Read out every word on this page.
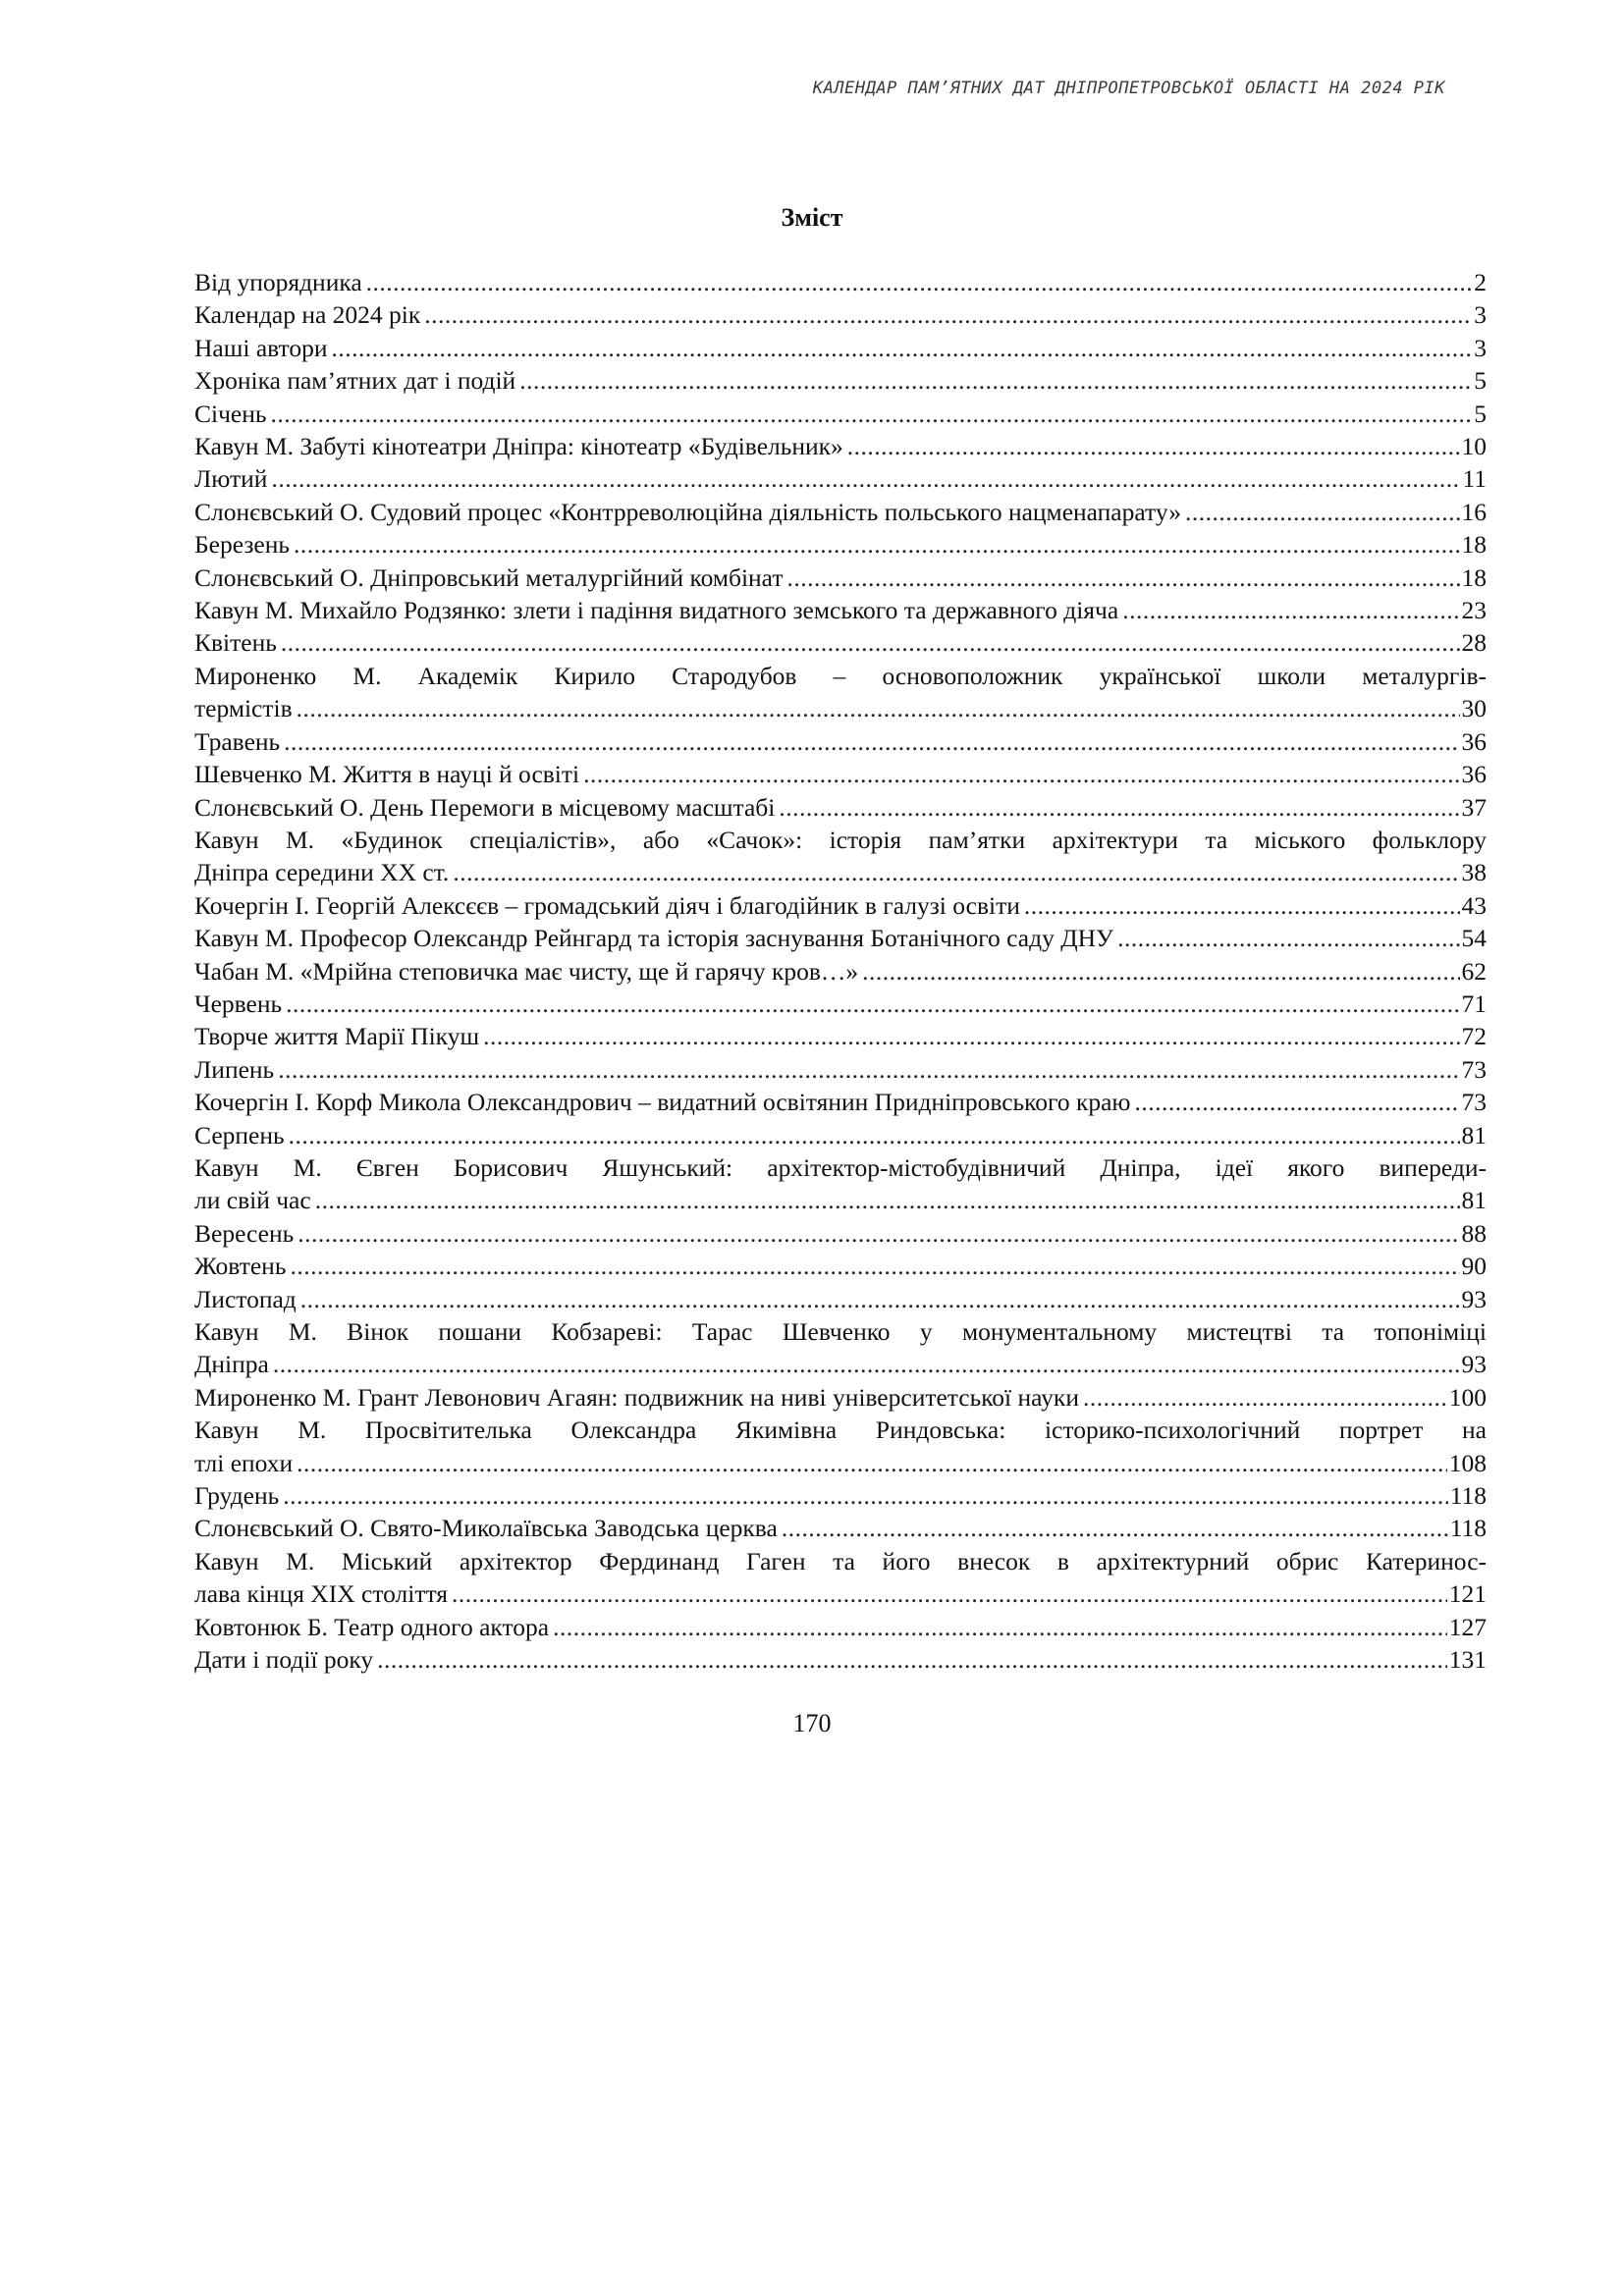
КАЛЕНДАР ПАМ’ЯТНИХ ДАТ ДНІПРОПЕТРОВСЬКОЇ ОБЛАСТІ НА 2024 РІК
Зміст
Від упорядника .....	2
Календар на 2024 рік .....	3
Наші автори .....	3
Хроніка пам’ятних дат і подій .....	5
Січень .....	5
Кавун М. Забуті кінотеатри Дніпра: кінотеатр «Будівельник» .....	10
Лютий .....	11
Слонєвський О. Судовий процес «Контрреволюційна діяльність польського нацменапарату» .....	16
Березень .....	18
Слонєвський О. Дніпровський металургійний комбінат .....	18
Кавун М. Михайло Родзянко: злети і падіння видатного земського та державного діяча .....	23
Квітень .....	28
Мироненко М. Академік Кирило Стародубов – основоположник української школи металургів-
термістів .....	30
Травень .....	36
Шевченко М. Життя в науці й освіті .....	36
Слонєвський О. День Перемоги в місцевому масштабі .....	37
Кавун М. «Будинок спеціалістів», або «Сачок»: історія пам’ятки архітектури та міського фольклору
Дніпра середини ХХ ст. .....	38
Кочергін І. Георгій Алексєєв – громадський діяч і благодійник в галузі освіти .....	43
Кавун М. Професор Олександр Рейнгард та історія заснування Ботанічного саду ДНУ .....	54
Чабан М. «Мрійна степовичка має чисту, ще й гарячу кров…» .....	62
Червень .....	71
Творче життя Марії Пікуш .....	72
Липень .....	73
Кочергін І. Корф Микола Олександрович – видатний освітянин Придніпровського краю .....	73
Серпень .....	81
Кавун М. Євген Борисович Яшунський: архітектор-містобудівничий Дніпра, ідеї якого випереди-
ли свій час .....	81
Вересень .....	88
Жовтень .....	90
Листопад .....	93
Кавун М. Вінок пошани Кобзареві: Тарас Шевченко у монументальному мистецтві та топоніміці
Дніпра .....	93
Мироненко М. Грант Левонович Агаян: подвижник на ниві університетської науки .....	100
Кавун М. Просвітителька Олександра Якимівна Риндовська: історико-психологічний портрет на
тлі епохи .....	108
Грудень .....	118
Слонєвський О. Свято-Миколаївська Заводська церква .....	118
Кавун М. Міський архітектор Фердинанд Гаген та його внесок в архітектурний обрис Катеринос-
лава кінця ХІХ століття .....	121
Ковтонюк Б. Театр одного актора .....	127
Дати і події року .....	131
170
